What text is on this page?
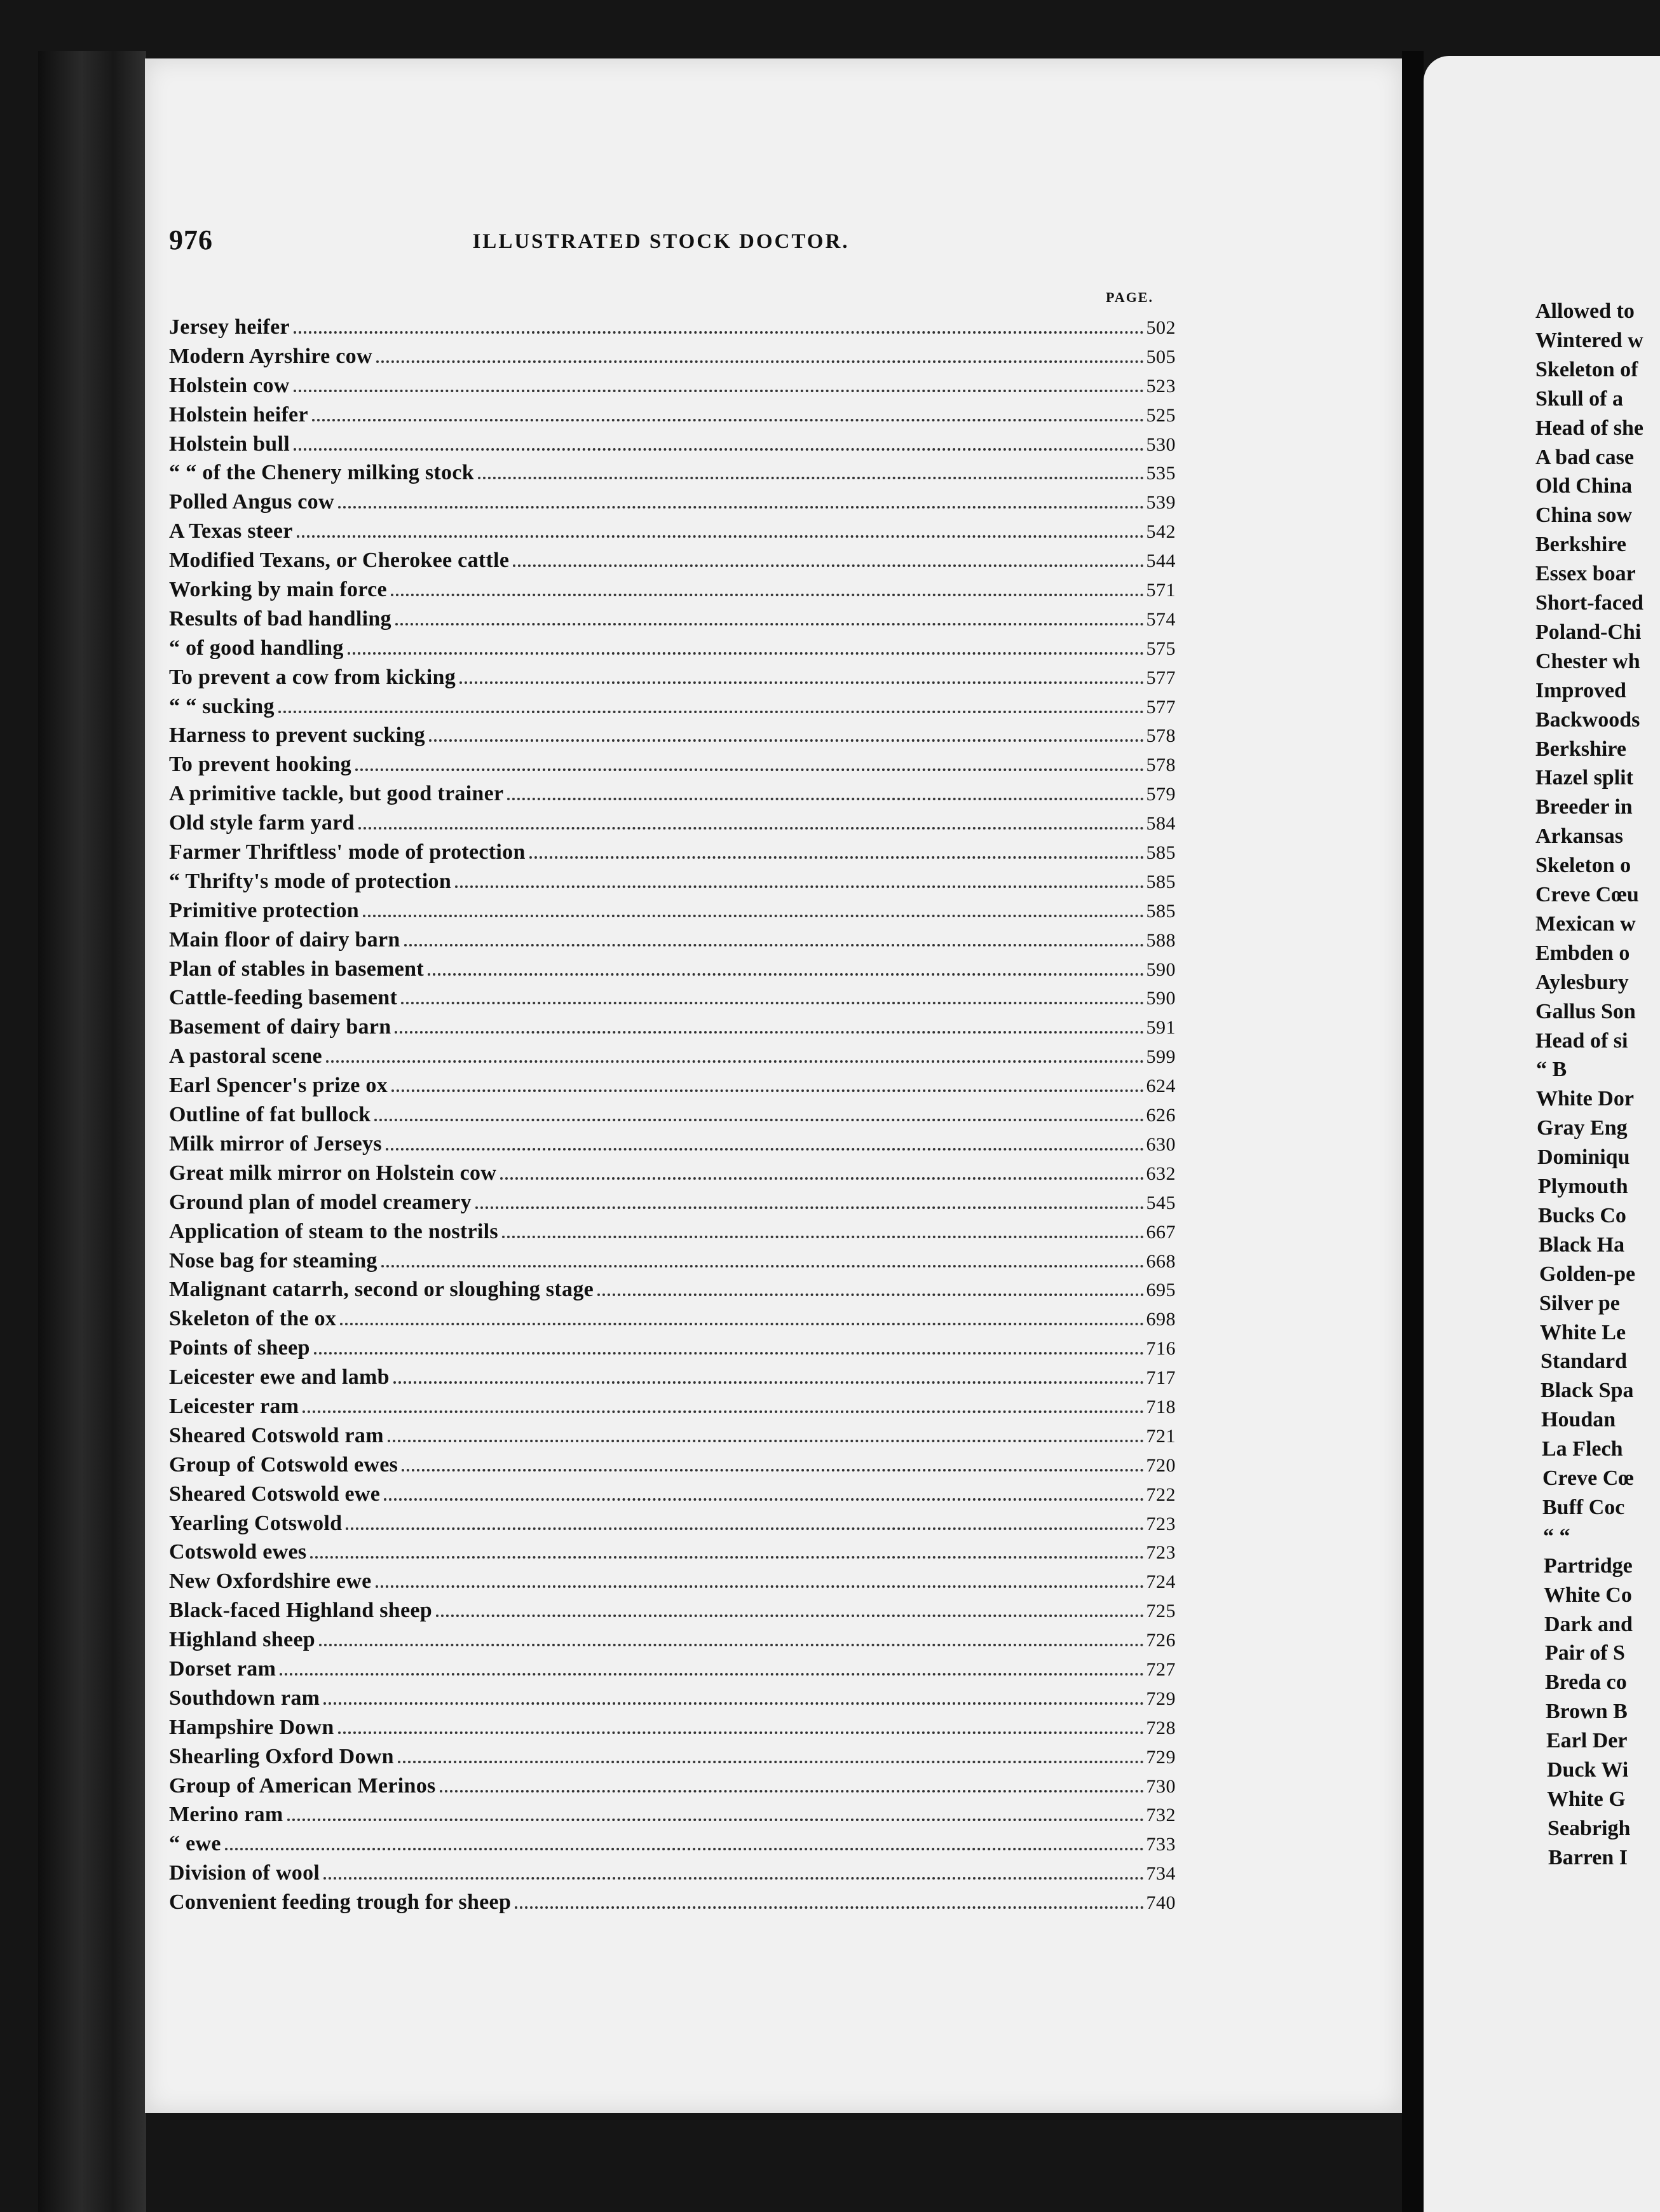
976	ILLUSTRATED STOCK DOCTOR.
PAGE.
Jersey heifer	502
Modern Ayrshire cow	505
Holstein cow	523
Holstein heifer	525
Holstein bull	530
“ “ of the Chenery milking stock	535
Polled Angus cow	539
A Texas steer	542
Modified Texans, or Cherokee cattle	544
Working by main force	571
Results of bad handling	574
“ of good handling	575
To prevent a cow from kicking	577
“ “ sucking	577
Harness to prevent sucking	578
To prevent hooking	578
A primitive tackle, but good trainer	579
Old style farm yard	584
Farmer Thriftless' mode of protection	585
“ Thrifty's mode of protection	585
Primitive protection	585
Main floor of dairy barn	588
Plan of stables in basement	590
Cattle-feeding basement	590
Basement of dairy barn	591
A pastoral scene	599
Earl Spencer's prize ox	624
Outline of fat bullock	626
Milk mirror of Jerseys	630
Great milk mirror on Holstein cow	632
Ground plan of model creamery	545
Application of steam to the nostrils	667
Nose bag for steaming	668
Malignant catarrh, second or sloughing stage	695
Skeleton of the ox	698
Points of sheep	716
Leicester ewe and lamb	717
Leicester ram	718
Sheared Cotswold ram	721
Group of Cotswold ewes	720
Sheared Cotswold ewe	722
Yearling Cotswold	723
Cotswold ewes	723
New Oxfordshire ewe	724
Black-faced Highland sheep	725
Highland sheep	726
Dorset ram	727
Southdown ram	729
Hampshire Down	728
Shearling Oxford Down	729
Group of American Merinos	730
Merino ram	732
“ ewe	733
Division of wool	734
Convenient feeding trough for sheep	740
Allowed to
Wintered w
Skeleton of
Skull of a
Head of she
A bad case
Old China
China sow
Berkshire
Essex boar
Short-faced
Poland-Chi
Chester wh
Improved
Backwoods
Berkshire
Hazel split
Breeder in
Arkansas
Skeleton o
Creve Cœu
Mexican w
Embden o
Aylesbury
Gallus Son
Head of si
“ B
White Dor
Gray Eng
Dominiqu
Plymouth
Bucks Co
Black Ha
Golden-pe
Silver pe
White Le
Standard
Black Spa
Houdan
La Flech
Creve Cœ
Buff Coc
“ “
Partridge
White Co
Dark and
Pair of S
Breda co
Brown B
Earl Der
Duck Wi
White G
Seabrigh
Barren I
